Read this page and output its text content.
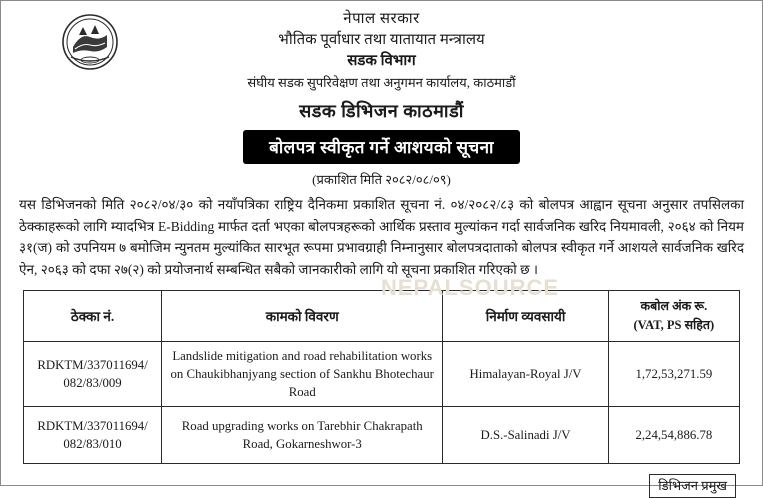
नेपाल सरकार
भौतिक पूर्वाधार तथा यातायात मन्त्रालय
सडक विभाग
संघीय सडक सुपरिवेक्षण तथा अनुगमन कार्यालय, काठमाडौं
सडक डिभिजन काठमाडौं
बोलपत्र स्वीकृत गर्ने आशयको सूचना
(प्रकाशित मिति २०८२/०८/०९)
यस डिभिजनको मिति २०८२/०४/३० को नयाँपत्रिका राष्ट्रिय दैनिकमा प्रकाशित सूचना नं. ०४/२०८२/८३ को बोलपत्र आह्वान सूचना अनुसार तपसिलका ठेक्काहरूको लागि म्यादभित्र E-Bidding मार्फत दर्ता भएका बोलपत्रहरूको आर्थिक प्रस्ताव मुल्यांकन गर्दा सार्वजनिक खरिद नियमावली, २०६४ को नियम ३१(ज) को उपनियम ७ बमोजिम न्युनतम मुल्यांकित सारभूत रूपमा प्रभावग्राही निम्नानुसार बोलपत्रदाताको बोलपत्र स्वीकृत गर्ने आशयले सार्वजनिक खरिद ऐन, २०६३ को दफा २७(२) को प्रयोजनार्थ सम्बन्धित सबैको जानकारीको लागि यो सूचना प्रकाशित गरिएको छ ।
NEPALSOURCE
ठेक्का नं.	कामको विवरण	निर्माण व्यवसायी	कबोल अंक रू.
(VAT, PS सहित)

RDKTM/337011694/ 082/83/009	Landslide mitigation and road rehabilitation works on Chaukibhanjyang section of Sankhu Bhotechaur Road	Himalayan-Royal J/V	1,72,53,271.59
RDKTM/337011694/ 082/83/010	Road upgrading works on Tarebhir Chakrapath Road, Gokarneshwor-3	D.S.-Salinadi J/V	2,24,54,886.78
डिभिजन प्रमुख
